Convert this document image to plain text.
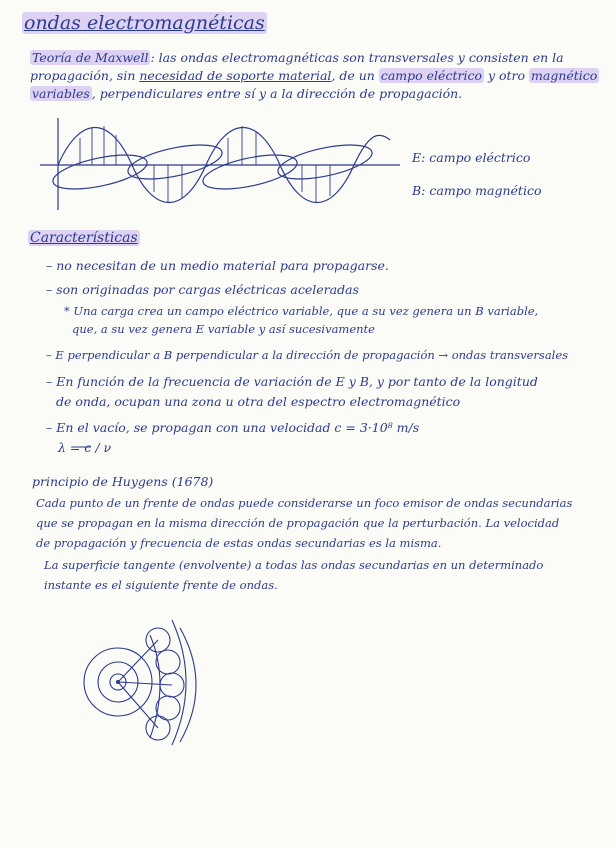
ondas electromagnéticas
Teoría de Maxwell : las ondas electromagnéticas son transversales y consisten en la
propagación, sin necesidad de soporte material, de un campo eléctrico y otro magnético
variables , perpendiculares entre sí y a la dirección de propagación.
E: campo eléctrico
B: campo magnético
Características
– no necesitan de un medio material para propagarse.
– son originadas por cargas eléctricas aceleradas
* Una carga crea un campo eléctrico variable, que a su vez genera un B variable,
que, a su vez genera E variable y así sucesivamente
– E perpendicular a B perpendicular a la dirección de propagación → ondas transversales
– En función de la frecuencia de variación de E y B, y por tanto de la longitud
de onda, ocupan una zona u otra del espectro electromagnético
– En el vacío, se propagan con una velocidad c = 3·10⁸ m/s
λ = c / ν
principio de Huygens (1678)
Cada punto de un frente de ondas puede considerarse un foco emisor de ondas secundarias
que se propagan en la misma dirección de propagación que la perturbación. La velocidad
de propagación y frecuencia de estas ondas secundarias es la misma.
La superficie tangente (envolvente) a todas las ondas secundarias en un determinado
instante es el siguiente frente de ondas.
